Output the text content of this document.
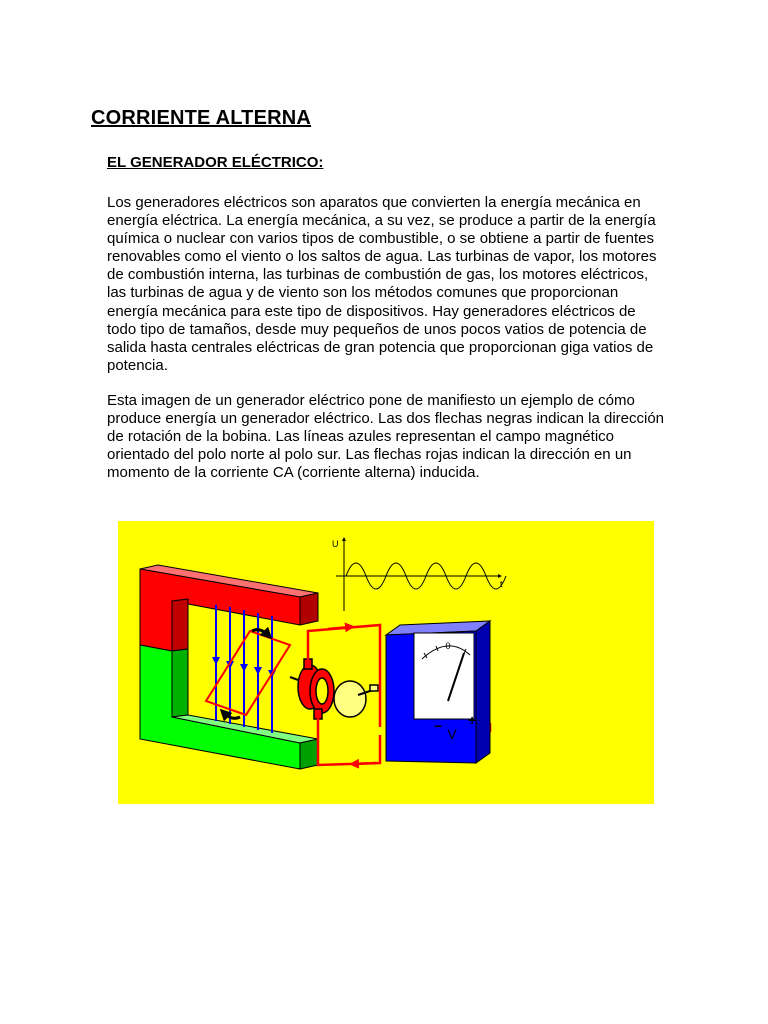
CORRIENTE ALTERNA
EL GENERADOR ELÉCTRICO:

Los generadores eléctricos son aparatos que convierten la energía mecánica en energía eléctrica. La energía mecánica, a su vez, se produce a partir de la energía química o nuclear con varios tipos de combustible, o se obtiene a partir de fuentes renovables como el viento o los saltos de agua. Las turbinas de vapor, los motores de combustión interna, las turbinas de combustión de gas, los motores eléctricos, las turbinas de agua y de viento son los métodos comunes que proporcionan energía mecánica para este tipo de dispositivos. Hay generadores eléctricos de todo tipo de tamaños, desde muy pequeños de unos pocos vatios de potencia de salida hasta centrales eléctricas de gran potencia que proporcionan giga vatios de potencia.

Esta imagen de un generador eléctrico pone de manifiesto un ejemplo de cómo produce energía un generador eléctrico. Las dos flechas negras indican la dirección de rotación de la bobina. Las líneas azules representan el campo magnético orientado del polo norte al polo sur. Las flechas rojas indican la dirección en un momento de la corriente CA (corriente alterna) inducida.

0
− +
V
U
t
